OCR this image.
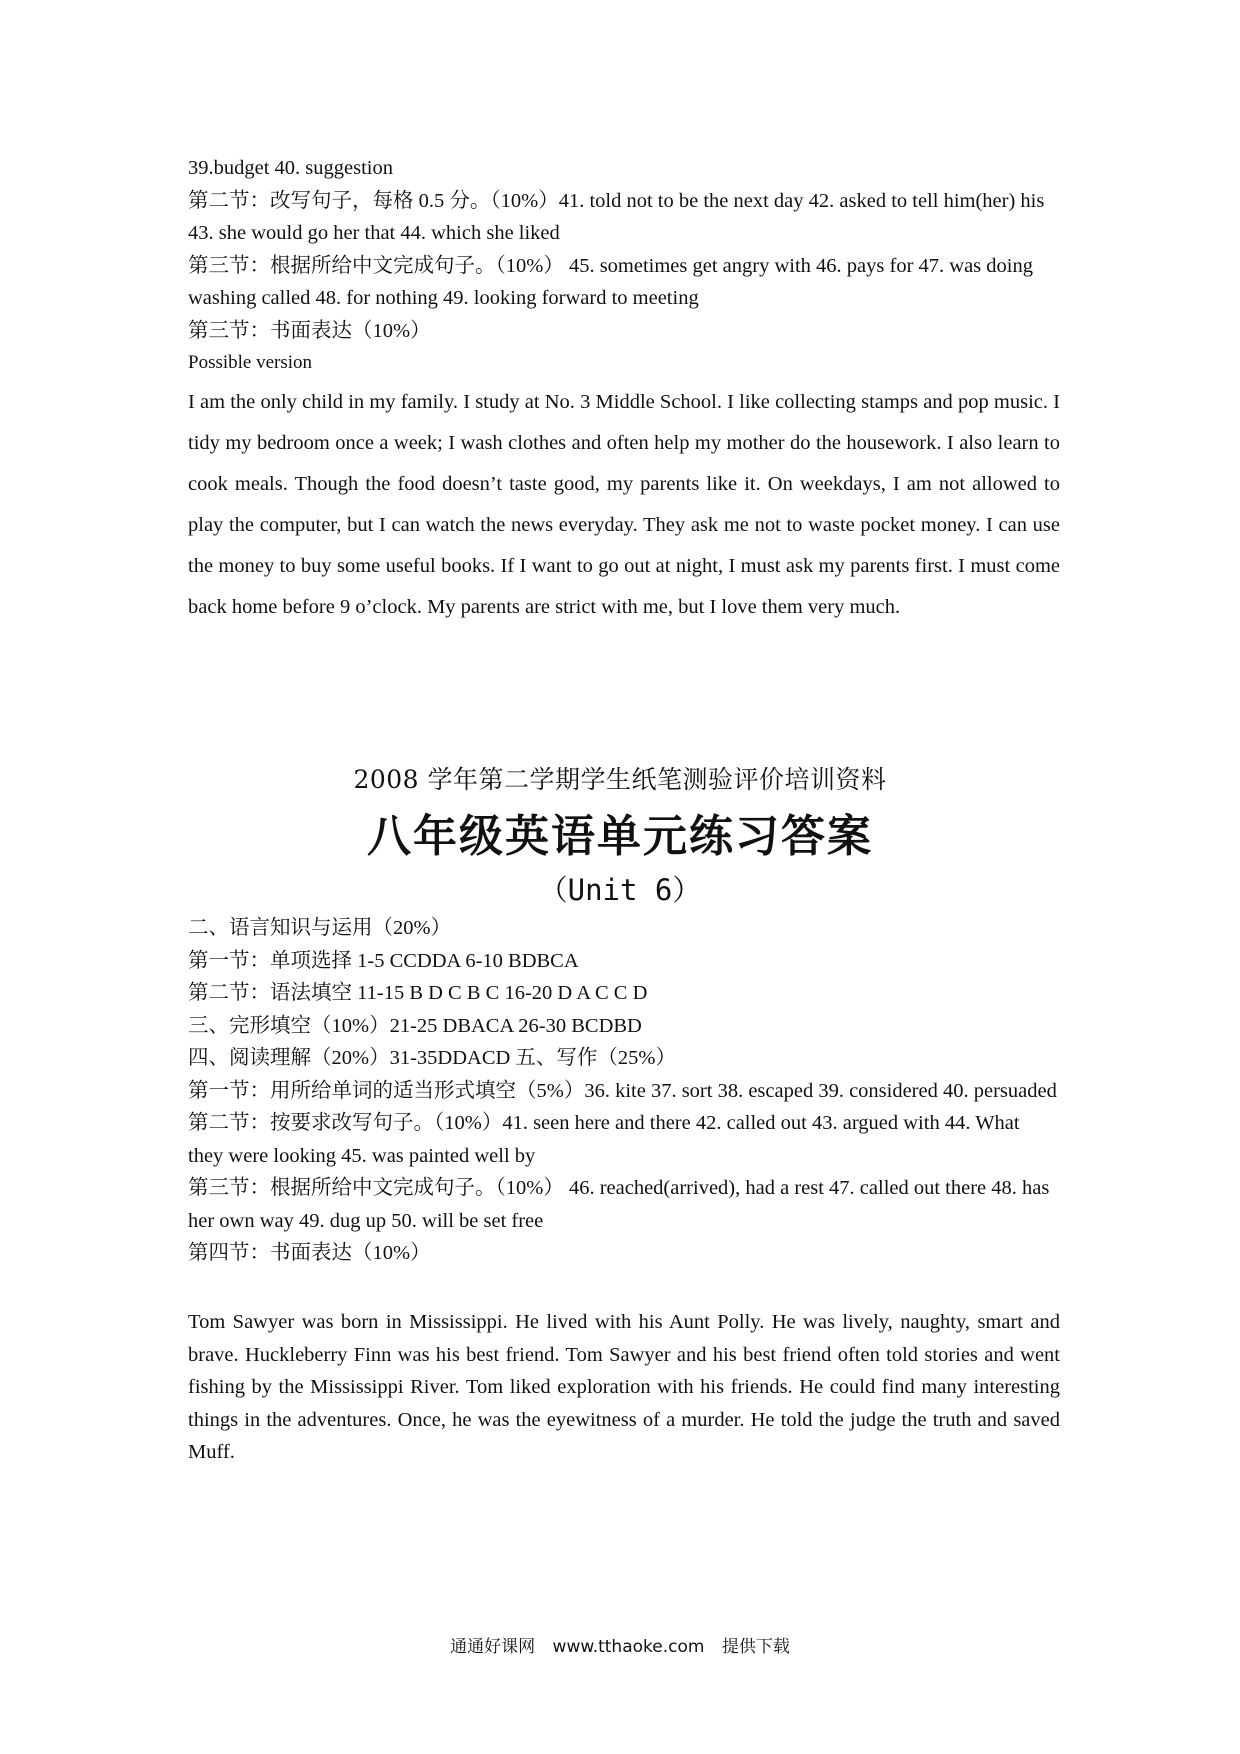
39.budget 40. suggestion
第二节：改写句子，每格 0.5 分。（10%）41. told not to be the next day 42. asked to tell him(her) his 43. she would go her that 44. which she liked
第三节：根据所给中文完成句子。（10%） 45. sometimes get angry with 46. pays for 47. was doing washing called 48. for nothing 49. looking forward to meeting
第三节：书面表达（10%）
Possible version
I am the only child in my family. I study at No. 3 Middle School. I like collecting stamps and pop music. I tidy my bedroom once a week; I wash clothes and often help my mother do the housework. I also learn to cook meals. Though the food doesn’t taste good, my parents like it. On weekdays, I am not allowed to play the computer, but I can watch the news everyday. They ask me not to waste pocket money. I can use the money to buy some useful books. If I want to go out at night, I must ask my parents first. I must come back home before 9 o’clock. My parents are strict with me, but I love them very much.
2008 学年第二学期学生纸笔测验评价培训资料
八年级英语单元练习答案
（Unit 6）
二、语言知识与运用（20%）
第一节：单项选择 1-5 CCDDA 6-10 BDBCA
第二节：语法填空 11-15 B D C B C 16-20 D A C C D
三、完形填空（10%）21-25 DBACA 26-30 BCDBD
四、阅读理解（20%）31-35DDACD 五、写作（25%）
第一节：用所给单词的适当形式填空（5%）36. kite 37. sort 38. escaped 39. considered 40. persuaded
第二节：按要求改写句子。（10%）41. seen here and there 42. called out 43. argued with 44. What they were looking 45. was painted well by
第三节：根据所给中文完成句子。（10%） 46. reached(arrived), had a rest 47. called out there 48. has her own way 49. dug up 50. will be set free
第四节：书面表达（10%）
Tom Sawyer was born in Mississippi. He lived with his Aunt Polly. He was lively, naughty, smart and brave. Huckleberry Finn was his best friend. Tom Sawyer and his best friend often told stories and went fishing by the Mississippi River. Tom liked exploration with his friends. He could find many interesting things in the adventures. Once, he was the eyewitness of a murder. He told the judge the truth and saved Muff.
通通好课网 www.tthaoke.com 提供下载
